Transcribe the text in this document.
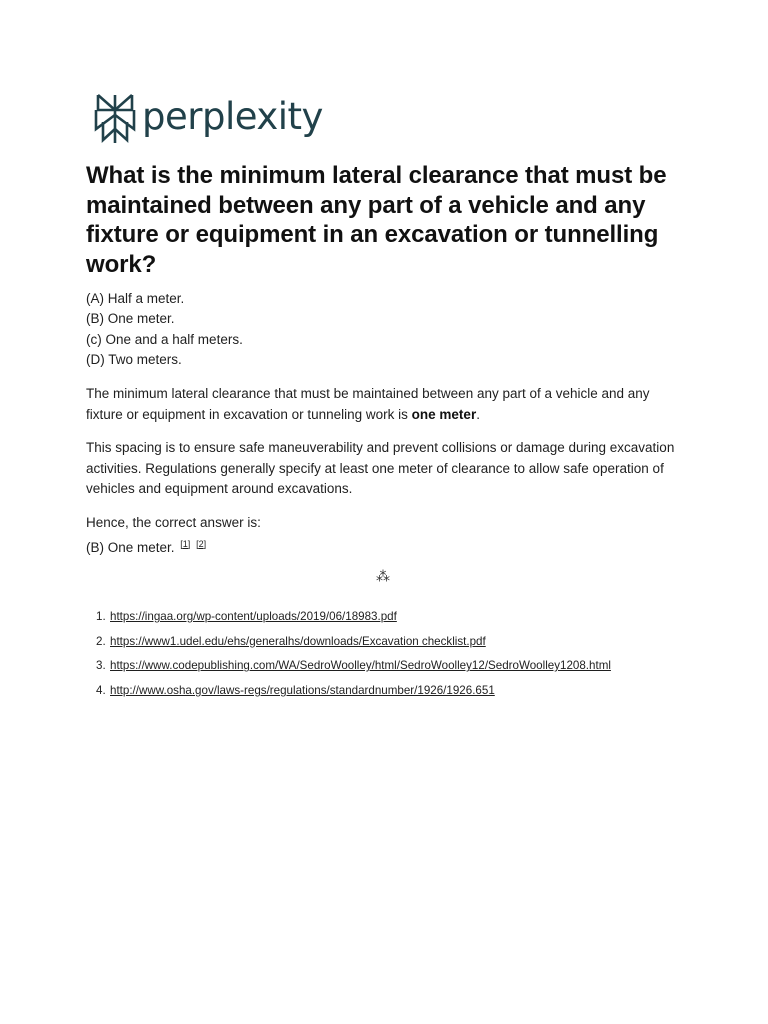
perplexity
What is the minimum lateral clearance that must be maintained between any part of a vehicle and any fixture or equipment in an excavation or tunnelling work?
(A) Half a meter.
(B) One meter.
(c) One and a half meters.
(D) Two meters.

The minimum lateral clearance that must be maintained between any part of a vehicle and any fixture or equipment in excavation or tunneling work is one meter.

This spacing is to ensure safe maneuverability and prevent collisions or damage during excavation activities. Regulations generally specify at least one meter of clearance to allow safe operation of vehicles and equipment around excavations.

Hence, the correct answer is:
(B) One meter. [1] [2]

⁂
1. https://ingaa.org/wp-content/uploads/2019/06/18983.pdf
2. https://www1.udel.edu/ehs/generalhs/downloads/Excavation checklist.pdf
3. https://www.codepublishing.com/WA/SedroWoolley/html/SedroWoolley12/SedroWoolley1208.html
4. http://www.osha.gov/laws-regs/regulations/standardnumber/1926/1926.651
